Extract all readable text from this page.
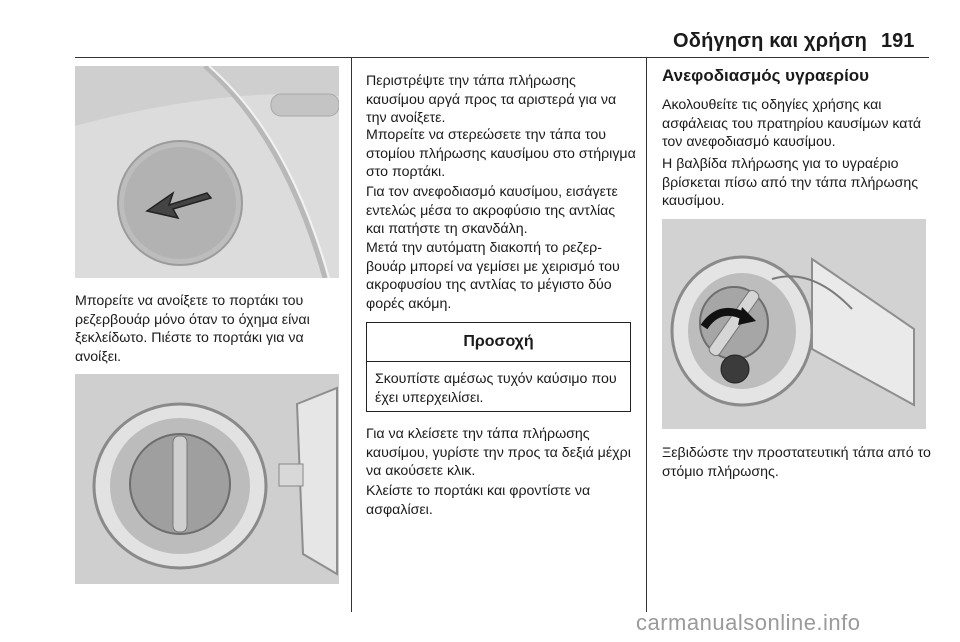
Οδήγηση και χρήση 191

Μπορείτε να ανοίξετε το πορτάκι του ρεζερβουάρ μόνο όταν το όχημα είναι ξεκλείδωτο. Πιέστε το πορτάκι για να ανοίξει.

Περιστρέψτε την τάπα πλήρωσης καυσίμου αργά προς τα αριστερά για να την ανοίξετε.

Μπορείτε να στερεώσετε την τάπα του στομίου πλήρωσης καυσίμου στο στήριγμα στο πορτάκι.

Για τον ανεφοδιασμό καυσίμου, εισάγετε εντελώς μέσα το ακροφύσιο της αντλίας και πατήστε τη σκανδάλη.

Μετά την αυτόματη διακοπή το ρεζερβουάρ μπορεί να γεμίσει με χειρισμό του ακροφυσίου της αντλίας το μέγιστο δύο φορές ακόμη.

Προσοχή

Σκουπίστε αμέσως τυχόν καύσιμο που έχει υπερχειλίσει.

Για να κλείσετε την τάπα πλήρωσης καυσίμου, γυρίστε την προς τα δεξιά μέχρι να ακούσετε κλικ.

Κλείστε το πορτάκι και φροντίστε να ασφαλίσει.

Ανεφοδιασμός υγραερίου

Ακολουθείτε τις οδηγίες χρήσης και ασφάλειας του πρατηρίου καυσίμων κατά τον ανεφοδιασμό καυσίμου.

Η βαλβίδα πλήρωσης για το υγραέριο βρίσκεται πίσω από την τάπα πλήρωσης καυσίμου.

Ξεβιδώστε την προστατευτική τάπα από το στόμιο πλήρωσης.

carmanualsonline.info
